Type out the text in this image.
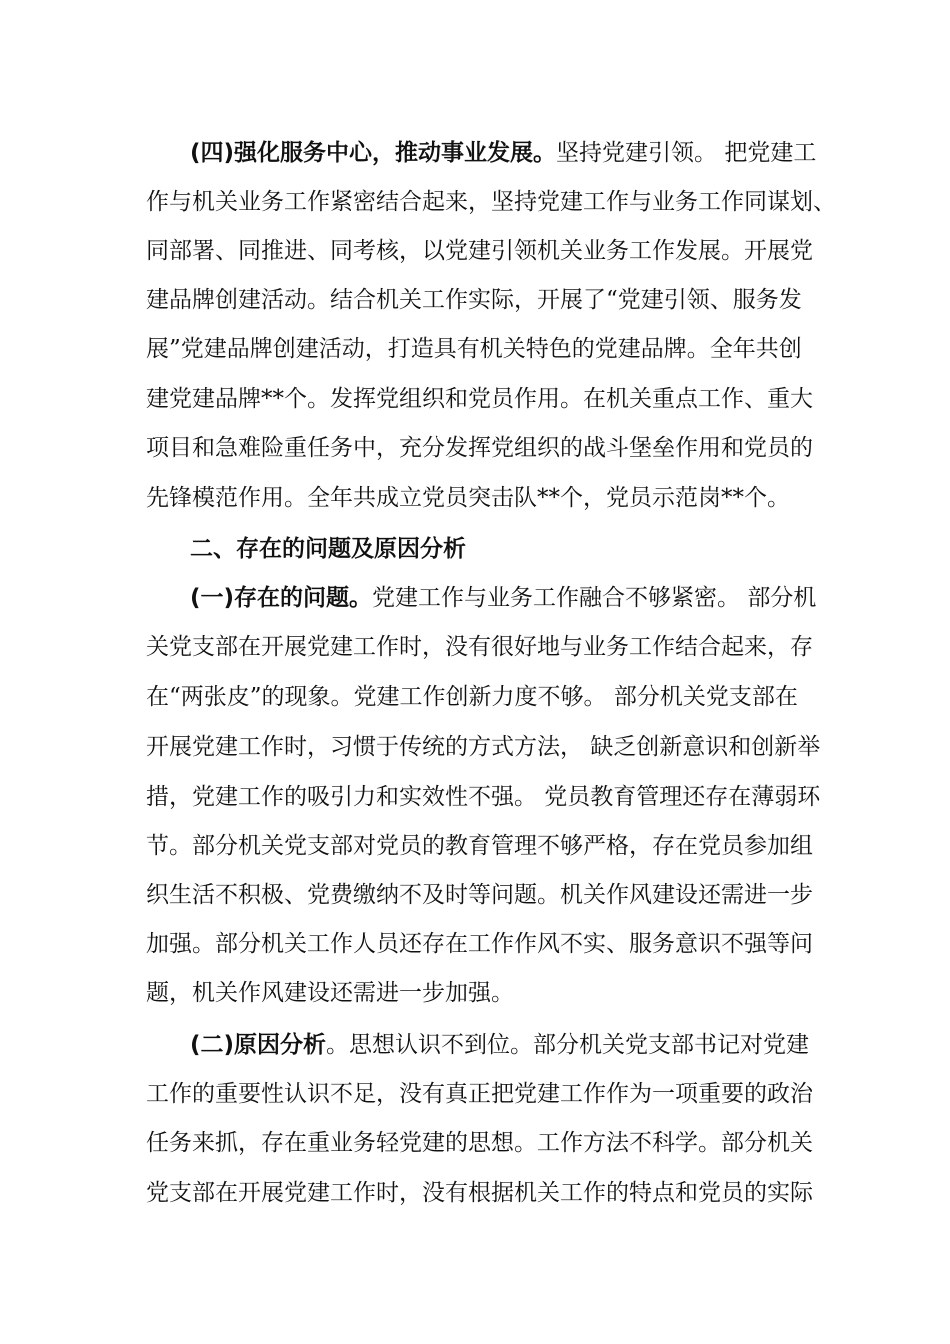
(四)强化服务中心，推动事业发展。坚持党建引领。 把党建工
作与机关业务工作紧密结合起来，坚持党建工作与业务工作同谋划、
同部署、同推进、同考核，以党建引领机关业务工作发展。开展党
建品牌创建活动。结合机关工作实际，开展了“党建引领、服务发
展”党建品牌创建活动，打造具有机关特色的党建品牌。全年共创
建党建品牌**个。发挥党组织和党员作用。在机关重点工作、重大
项目和急难险重任务中，充分发挥党组织的战斗堡垒作用和党员的
先锋模范作用。全年共成立党员突击队**个，党员示范岗**个。
二、存在的问题及原因分析
(一)存在的问题。党建工作与业务工作融合不够紧密。 部分机
关党支部在开展党建工作时，没有很好地与业务工作结合起来，存
在“两张皮”的现象。党建工作创新力度不够。 部分机关党支部在
开展党建工作时，习惯于传统的方式方法， 缺乏创新意识和创新举
措，党建工作的吸引力和实效性不强。 党员教育管理还存在薄弱环
节。部分机关党支部对党员的教育管理不够严格，存在党员参加组
织生活不积极、党费缴纳不及时等问题。机关作风建设还需进一步
加强。部分机关工作人员还存在工作作风不实、服务意识不强等问
题，机关作风建设还需进一步加强。
(二)原因分析。思想认识不到位。部分机关党支部书记对党建
工作的重要性认识不足，没有真正把党建工作作为一项重要的政治
任务来抓，存在重业务轻党建的思想。工作方法不科学。部分机关
党支部在开展党建工作时，没有根据机关工作的特点和党员的实际
